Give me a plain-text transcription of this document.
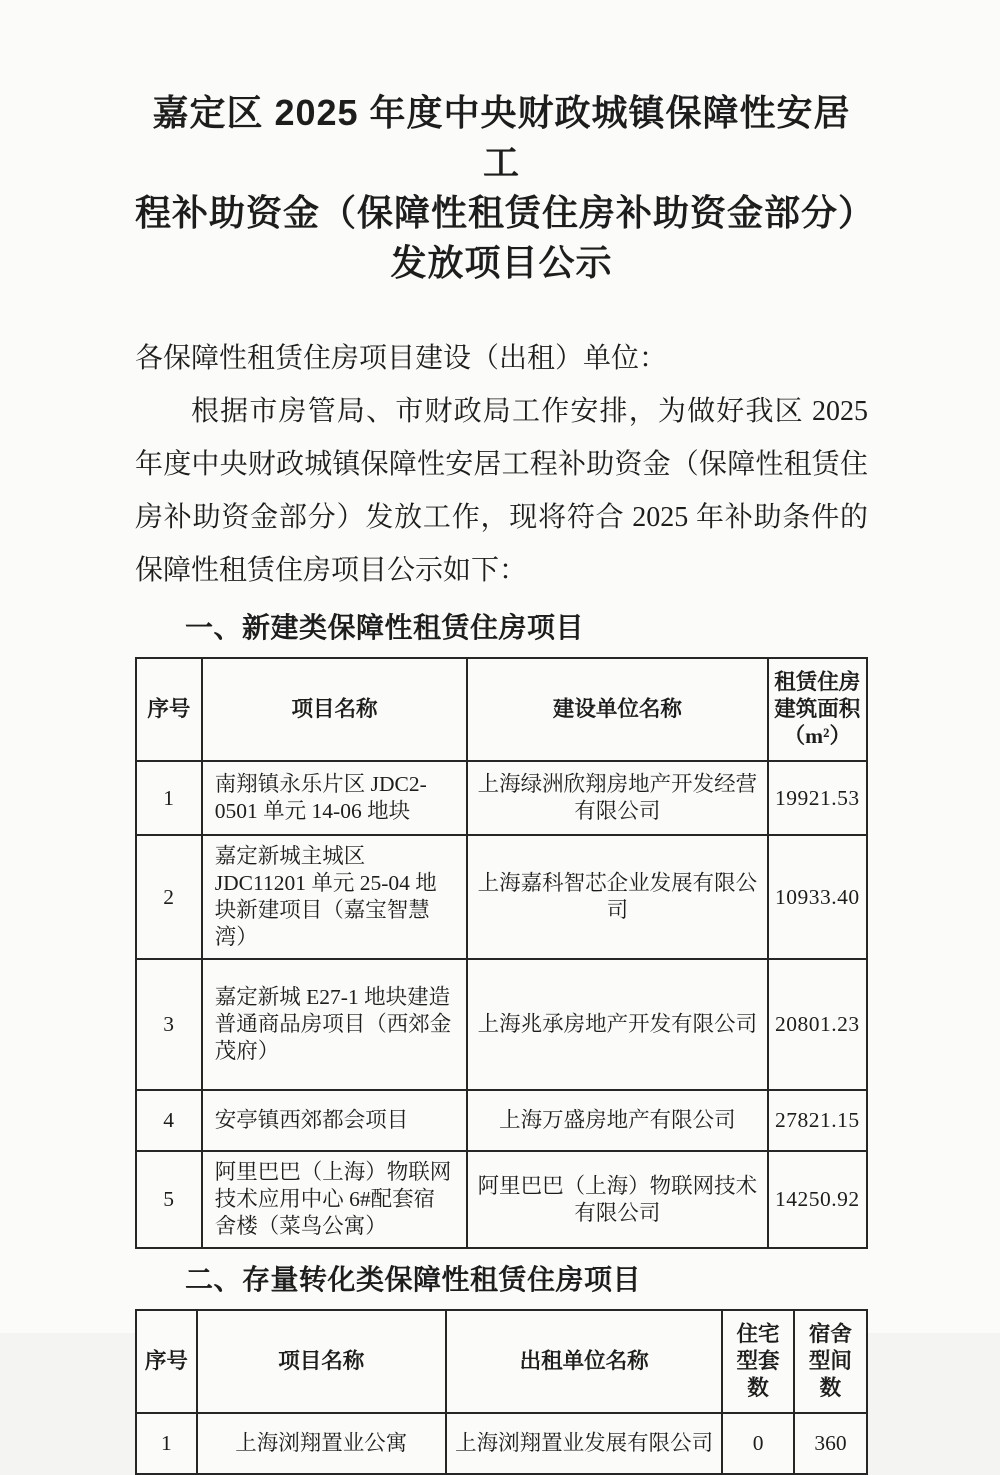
嘉定区 2025 年度中央财政城镇保障性安居工
程补助资金（保障性租赁住房补助资金部分）
发放项目公示

各保障性租赁住房项目建设（出租）单位：

根据市房管局、市财政局工作安排，为做好我区 2025 年度中央财政城镇保障性安居工程补助资金（保障性租赁住房补助资金部分）发放工作，现将符合 2025 年补助条件的保障性租赁住房项目公示如下：

一、新建类保障性租赁住房项目
序号	项目名称	建设单位名称	租赁住房建筑面积（m²）
1	南翔镇永乐片区 JDC2-0501 单元 14-06 地块	上海绿洲欣翔房地产开发经营有限公司	19921.53
2	嘉定新城主城区 JDC11201 单元 25-04 地块新建项目（嘉宝智慧湾）	上海嘉科智芯企业发展有限公司	10933.40
3	嘉定新城 E27-1 地块建造普通商品房项目（西郊金茂府）	上海兆承房地产开发有限公司	20801.23
4	安亭镇西郊都会项目	上海万盛房地产有限公司	27821.15
5	阿里巴巴（上海）物联网技术应用中心 6#配套宿舍楼（菜鸟公寓）	阿里巴巴（上海）物联网技术有限公司	14250.92
二、存量转化类保障性租赁住房项目
序号	项目名称	出租单位名称	住宅型套数	宿舍型间数
1	上海浏翔置业公寓	上海浏翔置业发展有限公司	0	360
